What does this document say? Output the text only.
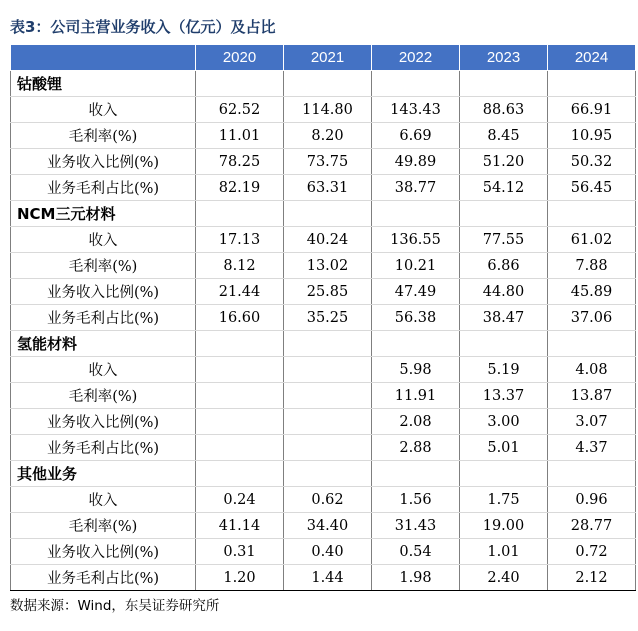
表3：公司主营业务收入（亿元）及占比
	2020	2021	2022	2023	2024
钴酸锂					
收入	62.52	114.80	143.43	88.63	66.91
毛利率(%)	11.01	8.20	6.69	8.45	10.95
业务收入比例(%)	78.25	73.75	49.89	51.20	50.32
业务毛利占比(%)	82.19	63.31	38.77	54.12	56.45
NCM三元材料					
收入	17.13	40.24	136.55	77.55	61.02
毛利率(%)	8.12	13.02	10.21	6.86	7.88
业务收入比例(%)	21.44	25.85	47.49	44.80	45.89
业务毛利占比(%)	16.60	35.25	56.38	38.47	37.06
氢能材料					
收入			5.98	5.19	4.08
毛利率(%)			11.91	13.37	13.87
业务收入比例(%)			2.08	3.00	3.07
业务毛利占比(%)			2.88	5.01	4.37
其他业务					
收入	0.24	0.62	1.56	1.75	0.96
毛利率(%)	41.14	34.40	31.43	19.00	28.77
业务收入比例(%)	0.31	0.40	0.54	1.01	0.72
业务毛利占比(%)	1.20	1.44	1.98	2.40	2.12
数据来源：Wind，东吴证券研究所
